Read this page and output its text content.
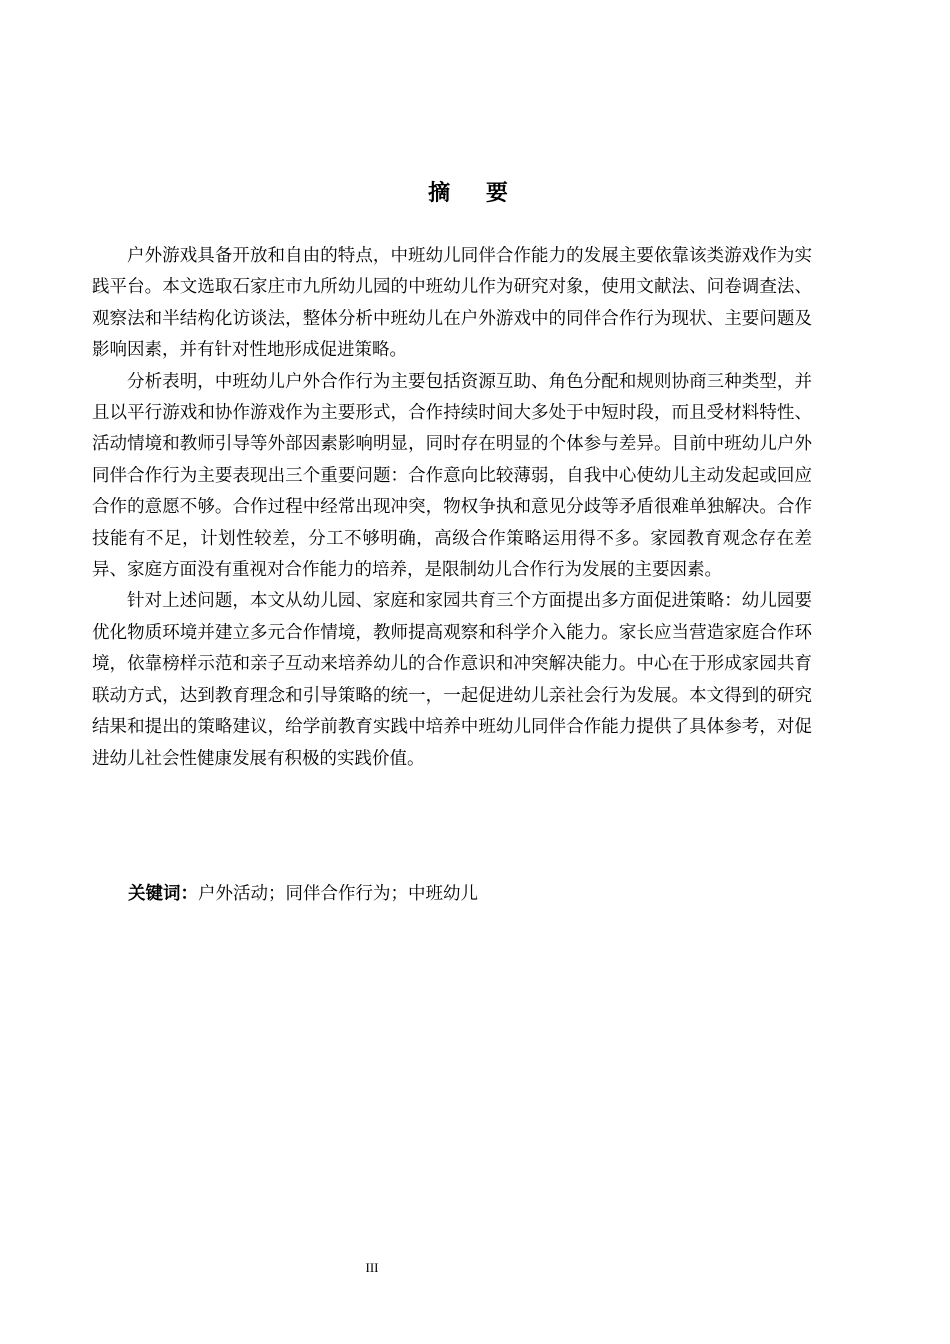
摘 要

户外游戏具备开放和自由的特点，中班幼儿同伴合作能力的发展主要依靠该类游戏作为实践平台。本文选取石家庄市九所幼儿园的中班幼儿作为研究对象，使用文献法、问卷调查法、观察法和半结构化访谈法，整体分析中班幼儿在户外游戏中的同伴合作行为现状、主要问题及影响因素，并有针对性地形成促进策略。

分析表明，中班幼儿户外合作行为主要包括资源互助、角色分配和规则协商三种类型，并且以平行游戏和协作游戏作为主要形式，合作持续时间大多处于中短时段，而且受材料特性、活动情境和教师引导等外部因素影响明显，同时存在明显的个体参与差异。目前中班幼儿户外同伴合作行为主要表现出三个重要问题：合作意向比较薄弱，自我中心使幼儿主动发起或回应合作的意愿不够。合作过程中经常出现冲突，物权争执和意见分歧等矛盾很难单独解决。合作技能有不足，计划性较差，分工不够明确，高级合作策略运用得不多。家园教育观念存在差异、家庭方面没有重视对合作能力的培养，是限制幼儿合作行为发展的主要因素。

针对上述问题，本文从幼儿园、家庭和家园共育三个方面提出多方面促进策略：幼儿园要优化物质环境并建立多元合作情境，教师提高观察和科学介入能力。家长应当营造家庭合作环境，依靠榜样示范和亲子互动来培养幼儿的合作意识和冲突解决能力。中心在于形成家园共育联动方式，达到教育理念和引导策略的统一，一起促进幼儿亲社会行为发展。本文得到的研究结果和提出的策略建议，给学前教育实践中培养中班幼儿同伴合作能力提供了具体参考，对促进幼儿社会性健康发展有积极的实践价值。

关键词：户外活动；同伴合作行为；中班幼儿
III
